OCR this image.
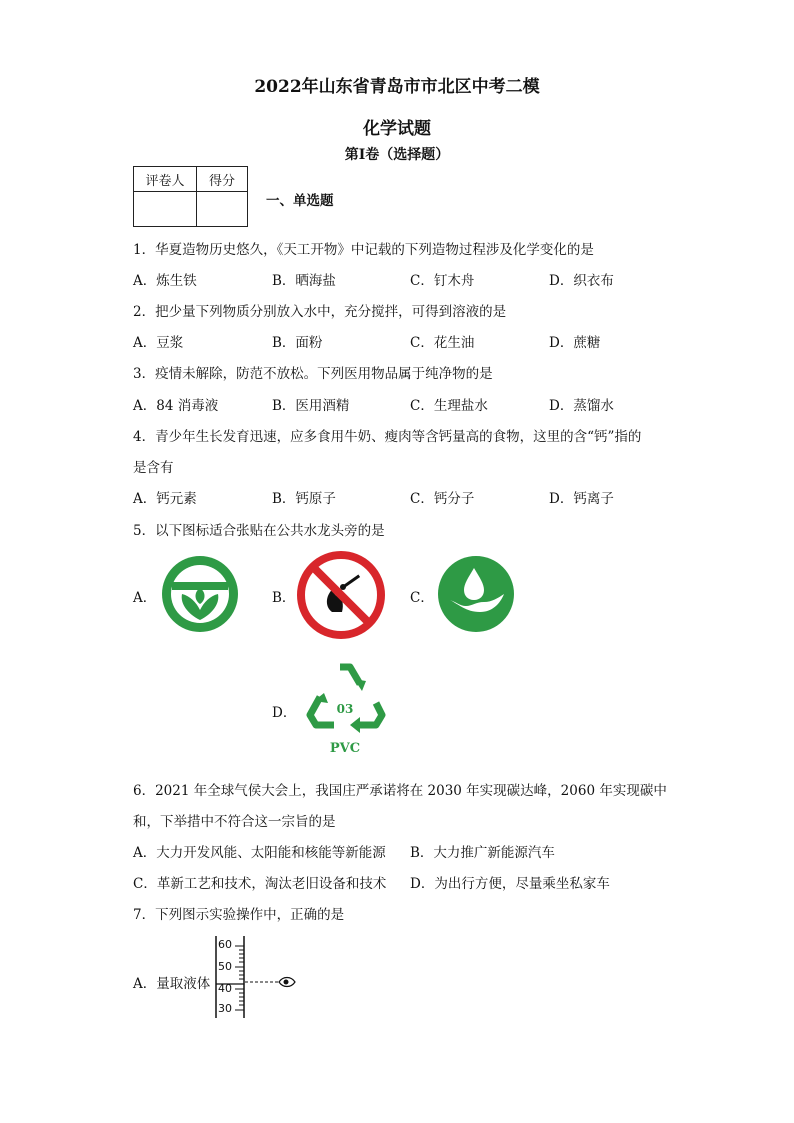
2022年山东省青岛市市北区中考二模
化学试题
第I卷（选择题）
评卷人	得分

一、单选题
1．华夏造物历史悠久，《天工开物》中记载的下列造物过程涉及化学变化的是
A．炼生铁	B．晒海盐	C．钉木舟	D．织衣布
2．把少量下列物质分别放入水中，充分搅拌，可得到溶液的是
A．豆浆	B．面粉	C．花生油	D．蔗糖
3．疫情未解除，防范不放松。下列医用物品属于纯净物的是
A．84 消毒液	B．医用酒精	C．生理盐水	D．蒸馏水
4．青少年生长发育迅速，应多食用牛奶、瘦肉等含钙量高的食物，这里的含“钙”指的
是含有
A．钙元素	B．钙原子	C．钙分子	D．钙离子
5．以下图标适合张贴在公共水龙头旁的是
A．	B．	C．
D．	03
PVC
6．2021 年全球气侯大会上，我国庄严承诺将在 2030 年实现碳达峰，2060 年实现碳中
和，下举措中不符合这一宗旨的是
A．大力开发风能、太阳能和核能等新能源 B．大力推广新能源汽车
C．革新工艺和技术，淘汰老旧设备和技术 D．为出行方便，尽量乘坐私家车
7．下列图示实验操作中，正确的是
A．量取液体
60
50
40
30
